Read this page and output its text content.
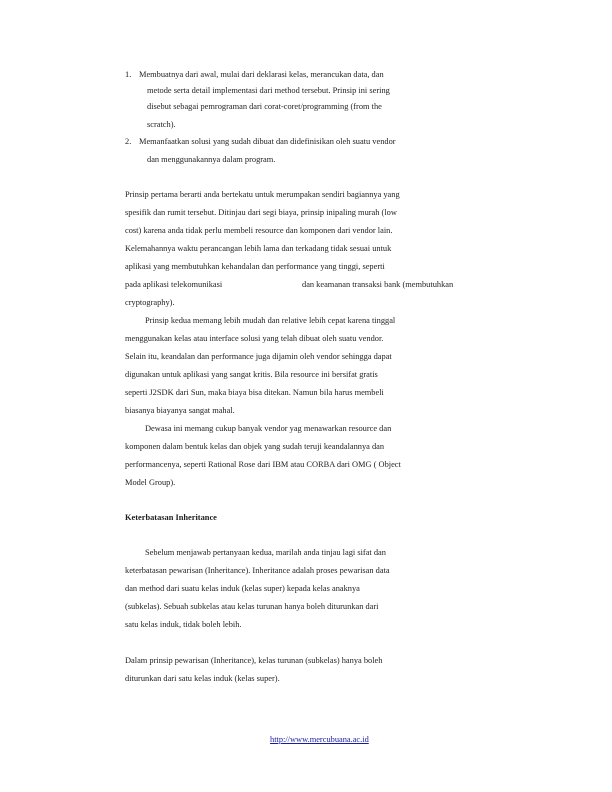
1. Membuatnya dari awal, mulai dari deklarasi kelas, merancukan data, dan
metode serta detail implementasi dari method tersebut. Prinsip ini sering
disebut sebagai pemrograman dari corat-coret/programming (from the
scratch).
2. Memanfaatkan solusi yang sudah dibuat dan didefinisikan oleh suatu vendor
dan menggunakannya dalam program.
Prinsip pertama berarti anda bertekatu untuk merumpakan sendiri bagiannya yang
spesifik dan rumit tersebut. Ditinjau dari segi biaya, prinsip inipaling murah (low
cost) karena anda tidak perlu membeli resource dan komponen dari vendor lain.
Kelemahannya waktu perancangan lebih lama dan terkadang tidak sesuai untuk
aplikasi yang membutuhkan kehandalan dan performance yang tinggi, seperti
pada aplikasi telekomunikasi	dan keamanan transaksi bank (membutuhkan
cryptography).
Prinsip kedua memang lebih mudah dan relative lebih cepat karena tinggal
menggunakan kelas atau interface solusi yang telah dibuat oleh suatu vendor.
Selain itu, keandalan dan performance juga dijamin oleh vendor sehingga dapat
digunakan untuk aplikasi yang sangat kritis. Bila resource ini bersifat gratis
seperti J2SDK dari Sun, maka biaya bisa ditekan. Namun bila harus membeli
biasanya biayanya sangat mahal.
Dewasa ini memang cukup banyak vendor yag menawarkan resource dan
komponen dalam bentuk kelas dan objek yang sudah teruji keandalannya dan
performancenya, seperti Rational Rose dari IBM atau CORBA dari OMG ( Object
Model Group).
Keterbatasan Inheritance
Sebelum menjawab pertanyaan kedua, marilah anda tinjau lagi sifat dan
keterbatasan pewarisan (Inheritance). Inheritance adalah proses pewarisan data
dan method dari suatu kelas induk (kelas super) kepada kelas anaknya
(subkelas). Sebuah subkelas atau kelas turunan hanya boleh diturunkan dari
satu kelas induk, tidak boleh lebih.
Dalam prinsip pewarisan (Inheritance), kelas turunan (subkelas) hanya boleh
diturunkan dari satu kelas induk (kelas super).
http://www.mercubuana.ac.id
